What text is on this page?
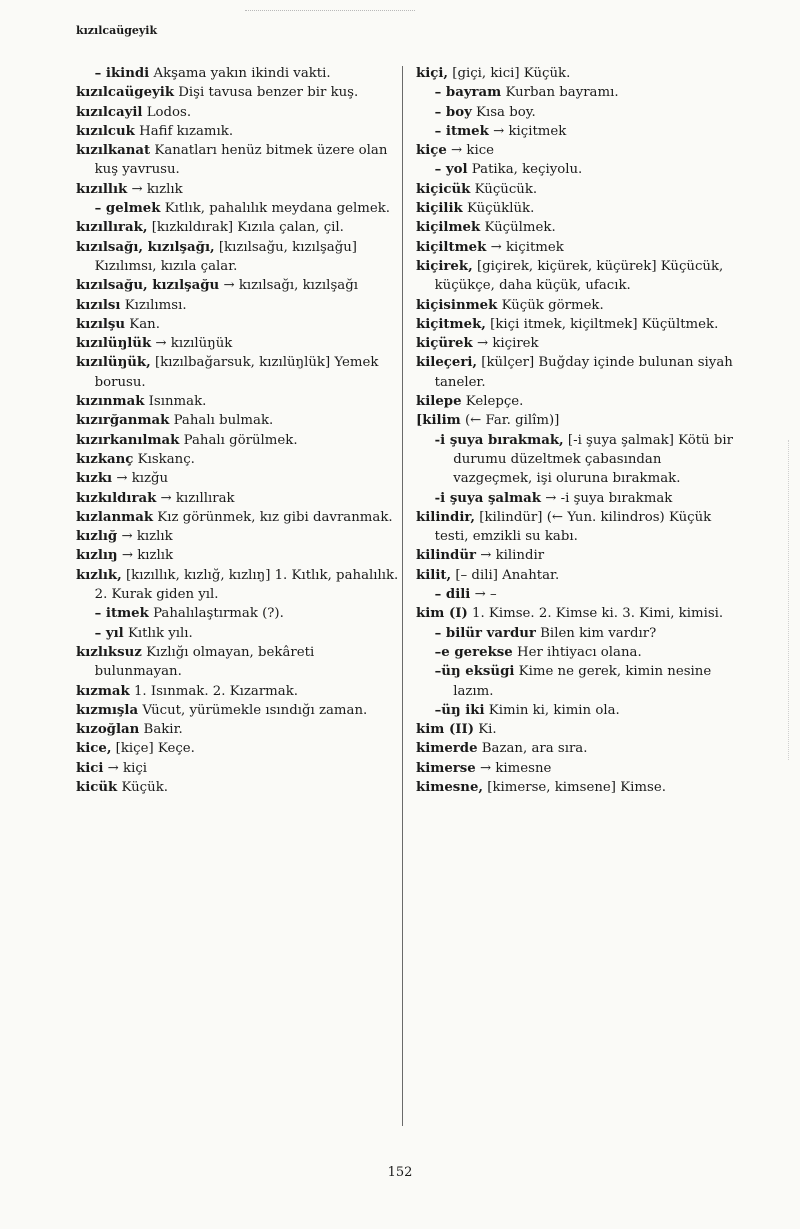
kızılcaügeyik
– ikindi Akşama yakın ikindi vakti.
kızılcaügeyik Dişi tavusa benzer bir kuş.
kızılcayil Lodos.
kızılcuk Hafif kızamık.
kızılkanat Kanatları henüz bitmek üzere olan kuş yavrusu.
kızıllık → kızlık
– gelmek Kıtlık, pahalılık meydana gelmek.
kızıllırak, [kızkıldırak] Kızıla çalan, çil.
kızılsağı, kızılşağı, [kızılsağu, kızılşağu] Kızılımsı, kızıla çalar.
kızılsağu, kızılşağu → kızılsağı, kızılşağı
kızılsı Kızılımsı.
kızılşu Kan.
kızılüŋlük → kızılüŋük
kızılüŋük, [kızılbağarsuk, kızılüŋlük] Yemek borusu.
kızınmak Isınmak.
kızırğanmak Pahalı bulmak.
kızırkanılmak Pahalı görülmek.
kızkanç Kıskanç.
kızkı → kızğu
kızkıldırak → kızıllırak
kızlanmak Kız görünmek, kız gibi davranmak.
kızlığ → kızlık
kızlıŋ → kızlık
kızlık, [kızıllık, kızlığ, kızlıŋ] 1. Kıtlık, pahalılık. 2. Kurak giden yıl.
– itmek Pahalılaştırmak (?).
– yıl Kıtlık yılı.
kızlıksuz Kızlığı olmayan, bekâreti bulunmayan.
kızmak 1. Isınmak. 2. Kızarmak.
kızmışla Vücut, yürümekle ısındığı zaman.
kızoğlan Bakir.
kice, [kiçe] Keçe.
kici → kiçi
kicük Küçük.
kiçi, [giçi, kici] Küçük.
– bayram Kurban bayramı.
– boy Kısa boy.
– itmek → kiçitmek
kiçe → kice
– yol Patika, keçiyolu.
kiçicük Küçücük.
kiçilik Küçüklük.
kiçilmek Küçülmek.
kiçiltmek → kiçitmek
kiçirek, [giçirek, kiçürek, küçürek] Küçücük, küçükçe, daha küçük, ufacık.
kiçisinmek Küçük görmek.
kiçitmek, [kiçi itmek, kiçiltmek] Küçültmek.
kiçürek → kiçirek
kileçeri, [külçer] Buğday içinde bulunan siyah taneler.
kilepe Kelepçe.
[kilim (← Far. gilîm)]
-i şuya bırakmak, [-i şuya şalmak] Kötü bir durumu düzeltmek çabasından vazgeçmek, işi oluruna bırakmak.
-i şuya şalmak → -i şuya bırakmak
kilindir, [kilindür] (← Yun. kilindros) Küçük testi, emzikli su kabı.
kilindür → kilindir
kilit, [– dili] Anahtar.
– dili → –
kim (I) 1. Kimse. 2. Kimse ki. 3. Kimi, kimisi.
– bilür vardur Bilen kim vardır?
–e gerekse Her ihtiyacı olana.
–üŋ eksügi Kime ne gerek, kimin nesine lazım.
–üŋ iki Kimin ki, kimin ola.
kim (II) Ki.
kimerde Bazan, ara sıra.
kimerse → kimesne
kimesne, [kimerse, kimsene] Kimse.
152
